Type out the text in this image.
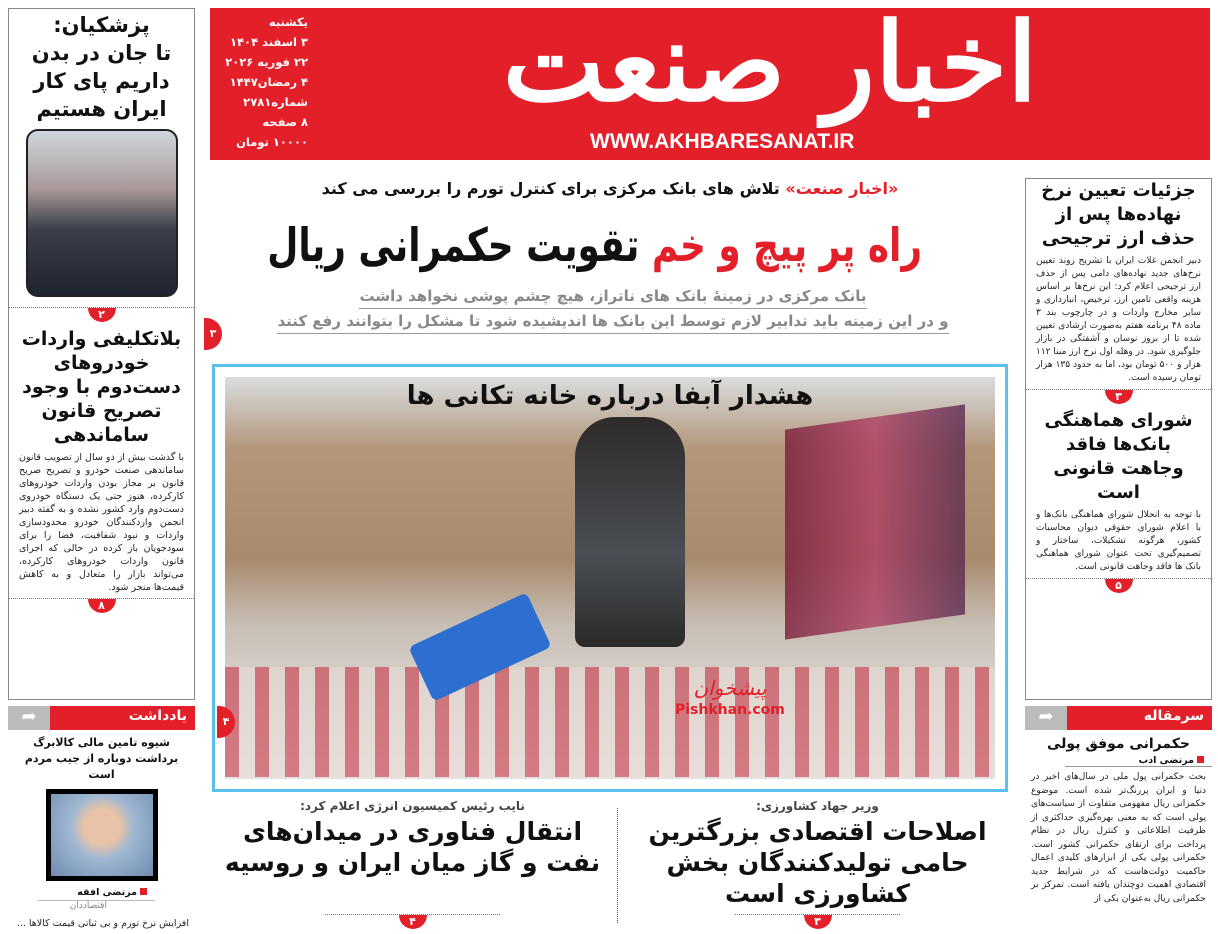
یکشنبه
۳ اسفند ۱۴۰۴
۲۲ فوریه ۲۰۲۶
۴ رمضان۱۴۴۷
شماره۲۷۸۱
۸ صفحه
۱۰۰۰۰ تومان
اخبار صنعت
WWW.AKHBARESANAT.IR
پزشکیان:
تا جان در بدن
داریم پای کار
ایران هستیم
۲
بلاتکلیفی واردات خودروهای دست‌دوم با وجود تصریح قانون ساماندهی
با گذشت بیش از دو سال از تصویب قانون ساماندهی صنعت خودرو و تصریح صریح قانون بر مجاز بودن واردات خودروهای کارکرده، هنوز حتی یک دستگاه خودروی دست‌دوم وارد کشور نشده و به گفته دبیر انجمن واردکنندگان خودرو محدودسازی واردات و نبود شفافیت، فضا را برای سودجویان باز کرده در حالی که اجرای قانون واردات خودروهای کارکرده، می‌تواند بازار را متعادل و به کاهش قیمت‌ها منجر شود.
۸
➦	یادداشت
شیوه تامین مالی کالابرگ برداشت دوباره از جیب مردم است
مرتضی افقه
اقتصاددان
افزایش نرخ تورم و بی ثباتی قیمت کالاها ...
«اخبار صنعت» تلاش های بانک مرکزی برای کنترل تورم را بررسی می کند
راه پر پیچ و خم تقویت حکمرانی ریال
بانک مرکزی در زمینهٔ بانک های ناتراز، هیچ چشم پوشی نخواهد داشت
و در این زمینه باید تدابیر لازم توسط این بانک ها اندیشیده شود تا مشکل را بتوانند رفع کنند
۳
هشدار آبفا درباره خانه تکانی ها
پیشخوان
Pishkhan.com
۴
نایب رئیس کمیسیون انرژی اعلام کرد:
انتقال فناوری در میدان‌های نفت و گاز میان ایران و روسیه
۴
وزیر جهاد کشاورزی:
اصلاحات اقتصادی بزرگترین حامی تولیدکنندگان بخش کشاورزی است
۳
جزئیات تعیین نرخ نهاده‌ها پس از حذف ارز ترجیحی
دبیر انجمن غلات ایران با تشریح روند تعیین نرخ‌های جدید نهاده‌های دامی پس از حذف ارز ترجیحی اعلام کرد: این نرخ‌ها بر اساس هزینه واقعی تامین ارز، ترخیص، انبارداری و سایر مخارج واردات و در چارچوب بند ۳ ماده ۴۸ برنامه هفتم به‌صورت ارشادی تعیین شده تا از بروز نوسان و آشفتگی در بازار جلوگیری شود. در وهله اول نرخ ارز مبنا ۱۱۲ هزار و ۵۰۰ تومان بود، اما به حدود ۱۳۵ هزار تومان رسیده است.
۳
شورای هماهنگی بانک‌ها فاقد وجاهت قانونی است
با توجه به انحلال شورای هماهنگی بانک‌ها و با اعلام شورای حقوقی دیوان محاسبات کشور، هرگونه تشکیلات، ساختار و تصمیم‌گیری تحت عنوان شورای هماهنگی بانک ها فاقد وجاهت قانونی است.
۵
➦	سرمقاله
حکمرانی موفق پولی
مرتضی ادب
بحث حکمرانی پول ملی در سال‌های اخیر در دنیا و ایران پررنگ‌تر شده است. موضوع حکمرانی ریال مفهومی متفاوت از سیاست‌های پولی است که به معنی بهره‌گیری حداکثری از ظرفیت اطلاعاتی و کنترل ریال در نظام پرداخت برای ارتقای حکمرانی کشور است. حکمرانی پولی یکی از ابزارهای کلیدی اعمال حاکمیت دولت‌هاست که در شرایط جدید اقتصادی اهمیت دوچندان یافته است. تمرکز بر حکمرانی ریال به‌عنوان یکی از
